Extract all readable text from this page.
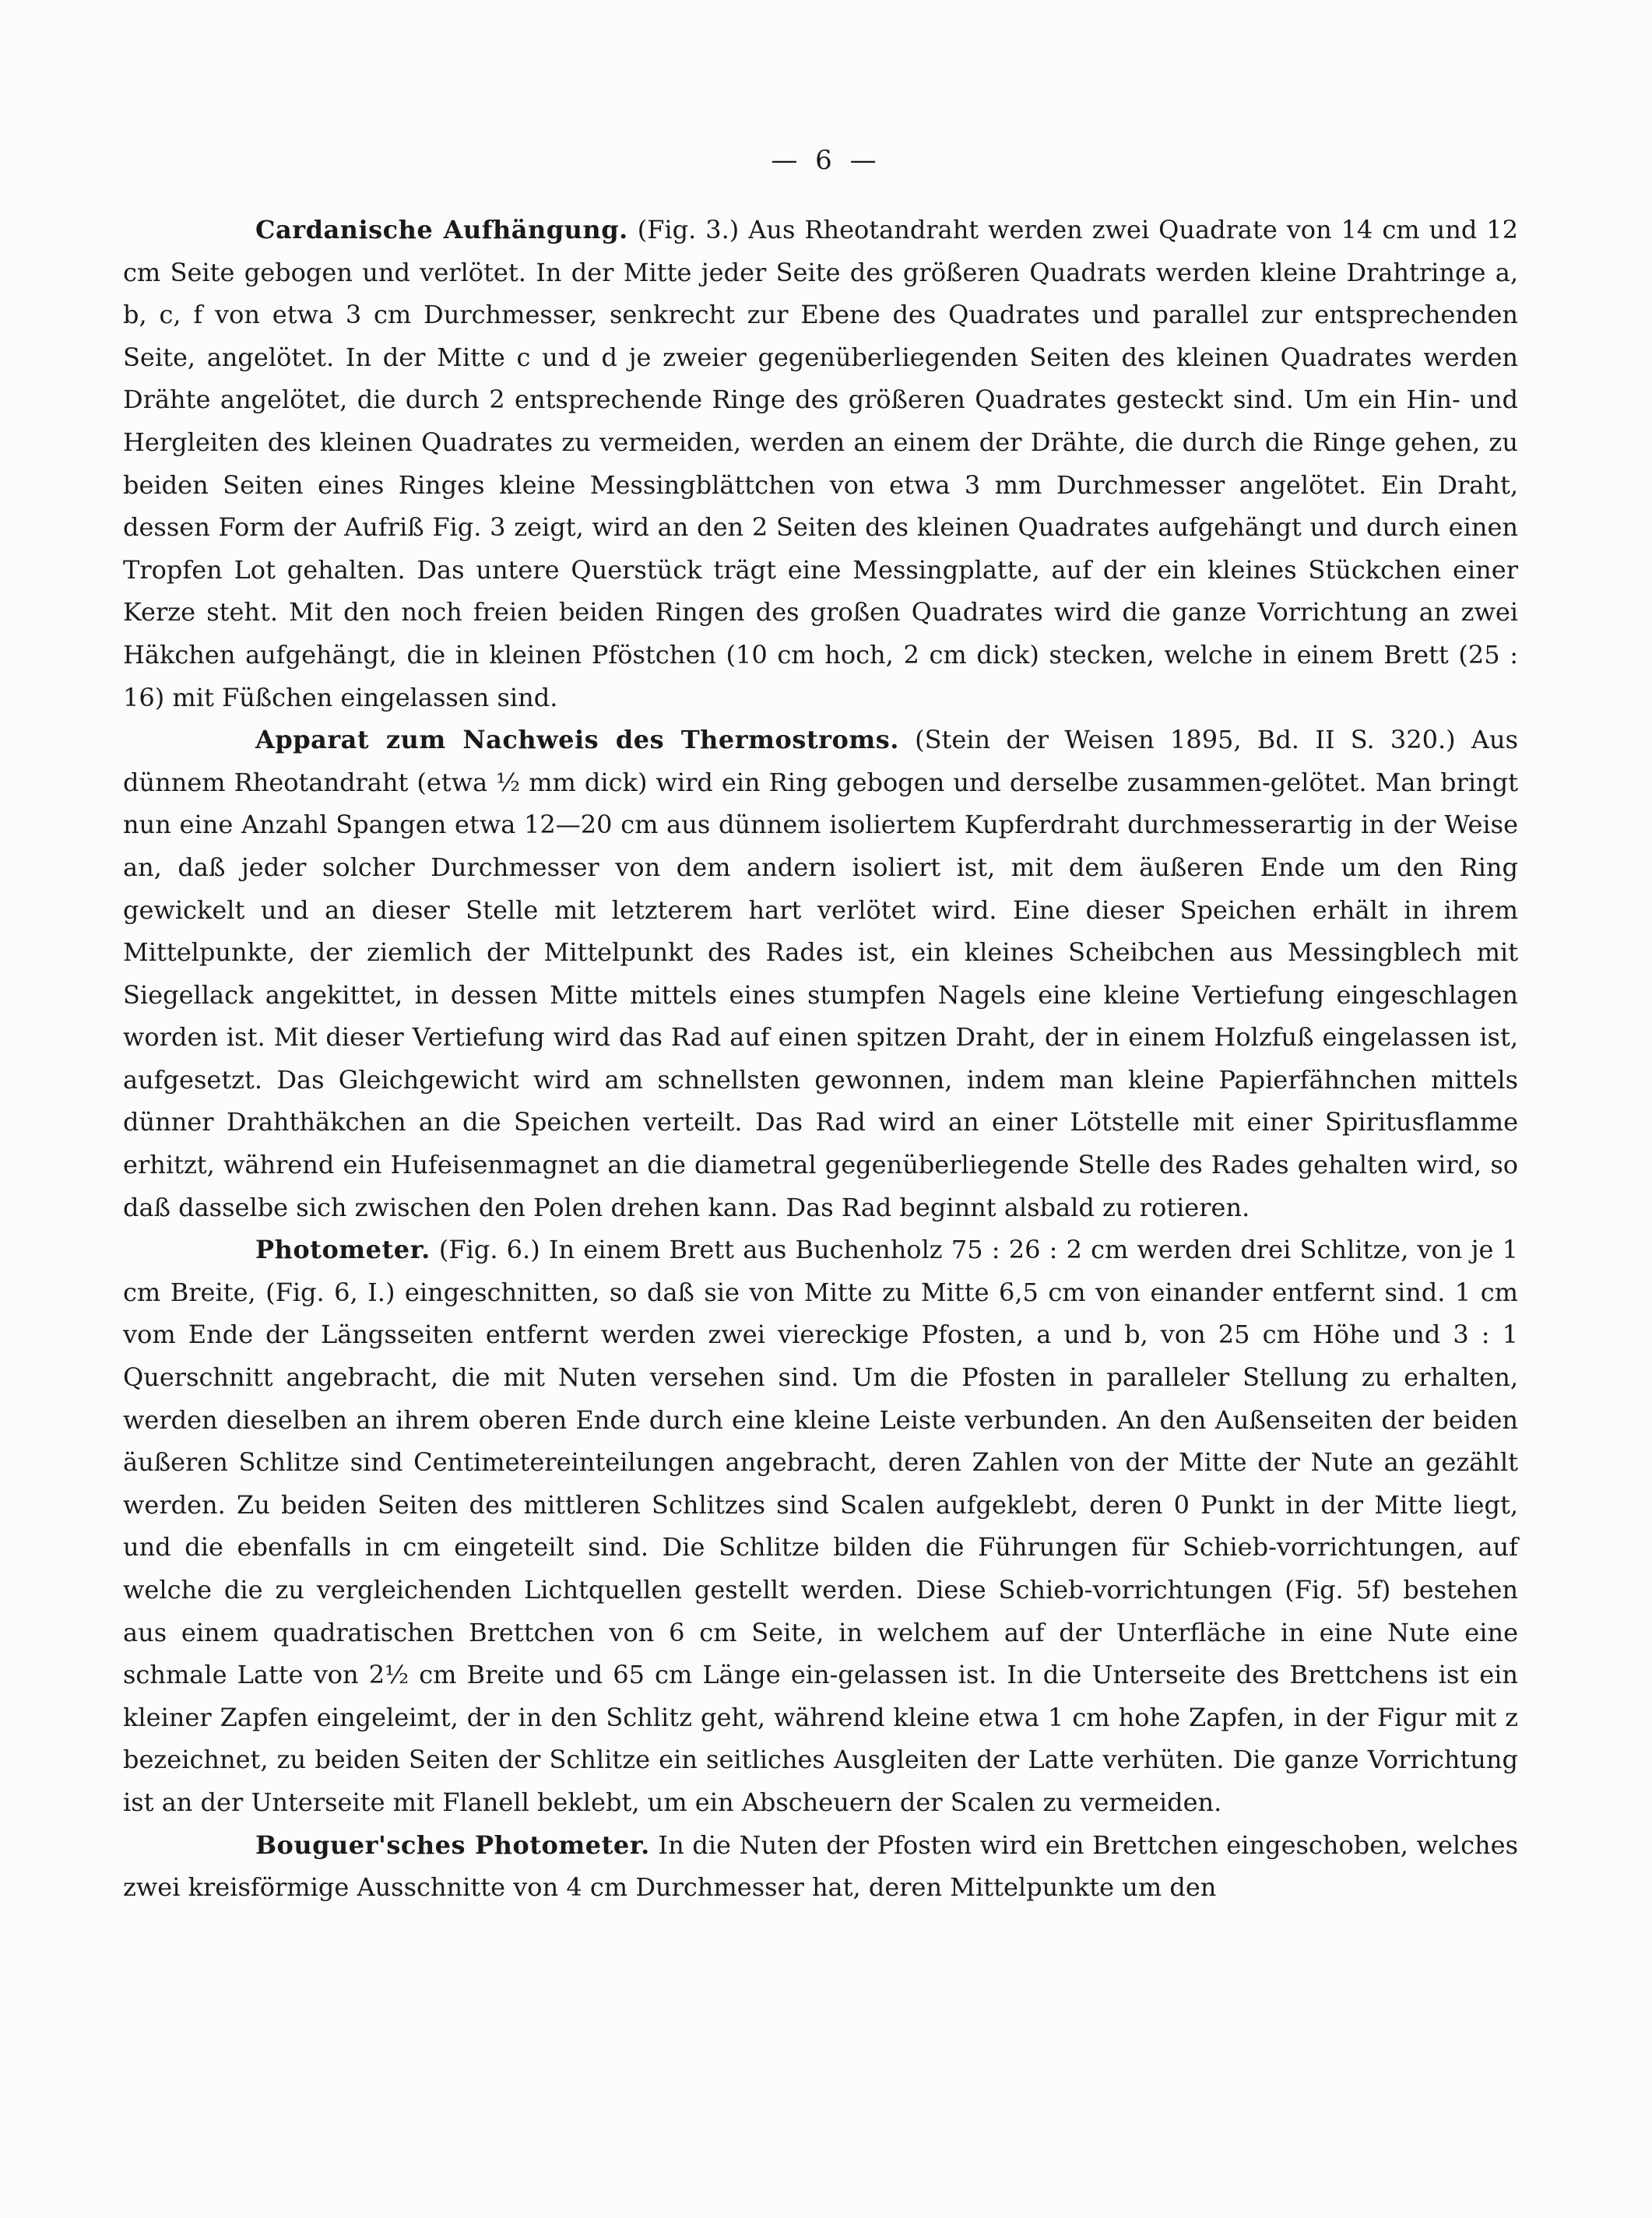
— 6 —

Cardanische Aufhängung. (Fig. 3.) Aus Rheotandraht werden zwei Quadrate von 14 cm und 12 cm Seite gebogen und verlötet. In der Mitte jeder Seite des größeren Quadrats werden kleine Drahtringe a, b, c, f von etwa 3 cm Durchmesser, senkrecht zur Ebene des Quadrates und parallel zur entsprechenden Seite, angelötet. In der Mitte c und d je zweier gegenüberliegenden Seiten des kleinen Quadrates werden Drähte angelötet, die durch 2 entsprechende Ringe des größeren Quadrates gesteckt sind. Um ein Hin- und Hergleiten des kleinen Quadrates zu vermeiden, werden an einem der Drähte, die durch die Ringe gehen, zu beiden Seiten eines Ringes kleine Messingblättchen von etwa 3 mm Durchmesser angelötet. Ein Draht, dessen Form der Aufriß Fig. 3 zeigt, wird an den 2 Seiten des kleinen Quadrates aufgehängt und durch einen Tropfen Lot gehalten. Das untere Querstück trägt eine Messingplatte, auf der ein kleines Stückchen einer Kerze steht. Mit den noch freien beiden Ringen des großen Quadrates wird die ganze Vorrichtung an zwei Häkchen aufgehängt, die in kleinen Pföstchen (10 cm hoch, 2 cm dick) stecken, welche in einem Brett (25 : 16) mit Füßchen eingelassen sind.

Apparat zum Nachweis des Thermostroms. (Stein der Weisen 1895, Bd. II S. 320.) Aus dünnem Rheotandraht (etwa ½ mm dick) wird ein Ring gebogen und derselbe zusammen-gelötet. Man bringt nun eine Anzahl Spangen etwa 12—20 cm aus dünnem isoliertem Kupferdraht durchmesserartig in der Weise an, daß jeder solcher Durchmesser von dem andern isoliert ist, mit dem äußeren Ende um den Ring gewickelt und an dieser Stelle mit letzterem hart verlötet wird. Eine dieser Speichen erhält in ihrem Mittelpunkte, der ziemlich der Mittelpunkt des Rades ist, ein kleines Scheibchen aus Messingblech mit Siegellack angekittet, in dessen Mitte mittels eines stumpfen Nagels eine kleine Vertiefung eingeschlagen worden ist. Mit dieser Vertiefung wird das Rad auf einen spitzen Draht, der in einem Holzfuß eingelassen ist, aufgesetzt. Das Gleichgewicht wird am schnellsten gewonnen, indem man kleine Papierfähnchen mittels dünner Drahthäkchen an die Speichen verteilt. Das Rad wird an einer Lötstelle mit einer Spiritusflamme erhitzt, während ein Hufeisenmagnet an die diametral gegenüberliegende Stelle des Rades gehalten wird, so daß dasselbe sich zwischen den Polen drehen kann. Das Rad beginnt alsbald zu rotieren.

Photometer. (Fig. 6.) In einem Brett aus Buchenholz 75 : 26 : 2 cm werden drei Schlitze, von je 1 cm Breite, (Fig. 6, I.) eingeschnitten, so daß sie von Mitte zu Mitte 6,5 cm von einander entfernt sind. 1 cm vom Ende der Längsseiten entfernt werden zwei viereckige Pfosten, a und b, von 25 cm Höhe und 3 : 1 Querschnitt angebracht, die mit Nuten versehen sind. Um die Pfosten in paralleler Stellung zu erhalten, werden dieselben an ihrem oberen Ende durch eine kleine Leiste verbunden. An den Außenseiten der beiden äußeren Schlitze sind Centimetereinteilungen angebracht, deren Zahlen von der Mitte der Nute an gezählt werden. Zu beiden Seiten des mittleren Schlitzes sind Scalen aufgeklebt, deren 0 Punkt in der Mitte liegt, und die ebenfalls in cm eingeteilt sind. Die Schlitze bilden die Führungen für Schieb-vorrichtungen, auf welche die zu vergleichenden Lichtquellen gestellt werden. Diese Schieb-vorrichtungen (Fig. 5f) bestehen aus einem quadratischen Brettchen von 6 cm Seite, in welchem auf der Unterfläche in eine Nute eine schmale Latte von 2½ cm Breite und 65 cm Länge ein-gelassen ist. In die Unterseite des Brettchens ist ein kleiner Zapfen eingeleimt, der in den Schlitz geht, während kleine etwa 1 cm hohe Zapfen, in der Figur mit z bezeichnet, zu beiden Seiten der Schlitze ein seitliches Ausgleiten der Latte verhüten. Die ganze Vorrichtung ist an der Unterseite mit Flanell beklebt, um ein Abscheuern der Scalen zu vermeiden.

Bouguer'sches Photometer. In die Nuten der Pfosten wird ein Brettchen eingeschoben, welches zwei kreisförmige Ausschnitte von 4 cm Durchmesser hat, deren Mittelpunkte um den
